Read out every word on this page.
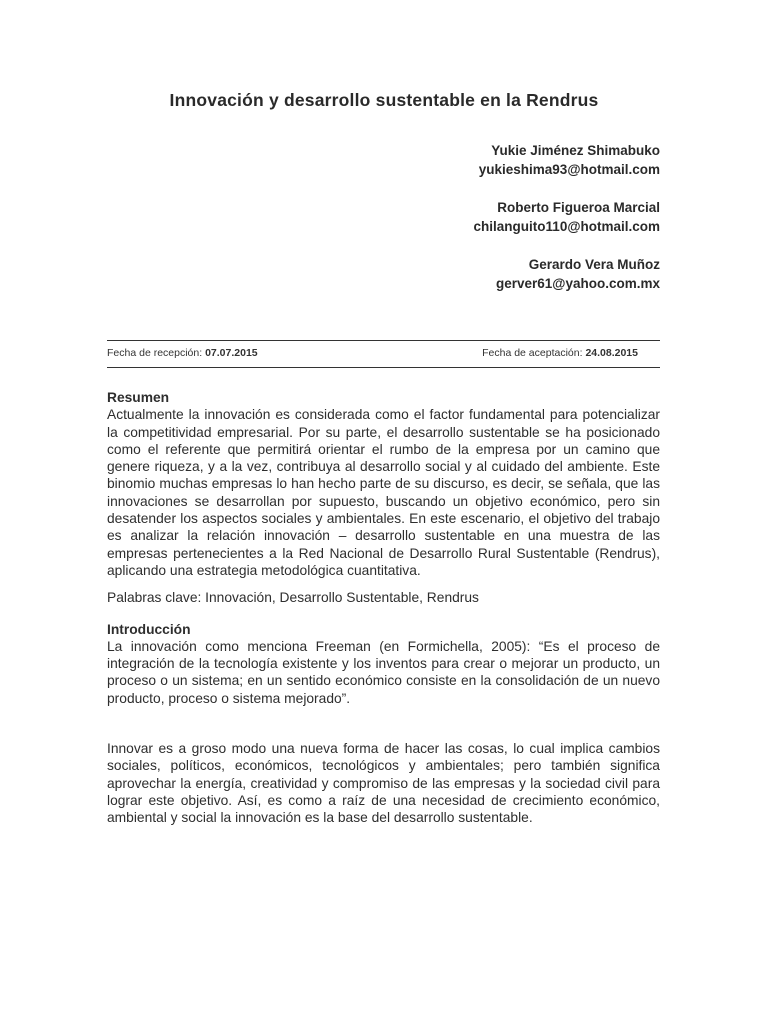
Innovación y desarrollo sustentable en la Rendrus
Yukie Jiménez Shimabuko
yukieshima93@hotmail.com
Roberto Figueroa Marcial
chilanguito110@hotmail.com
Gerardo Vera Muñoz
gerver61@yahoo.com.mx
Fecha de recepción: 07.07.2015	Fecha de aceptación: 24.08.2015
Resumen

Actualmente la innovación es considerada como el factor fundamental para potencializar la competitividad empresarial. Por su parte, el desarrollo sustentable se ha posicionado como el referente que permitirá orientar el rumbo de la empresa por un camino que genere riqueza, y a la vez, contribuya al desarrollo social y al cuidado del ambiente. Este binomio muchas empresas lo han hecho parte de su discurso, es decir, se señala, que las innovaciones se desarrollan por supuesto, buscando un objetivo económico, pero sin desatender los aspectos sociales y ambientales. En este escenario, el objetivo del trabajo es analizar la relación innovación – desarrollo sustentable en una muestra de las empresas pertenecientes a la Red Nacional de Desarrollo Rural Sustentable (Rendrus), aplicando una estrategia metodológica cuantitativa.

Palabras clave: Innovación, Desarrollo Sustentable, Rendrus
Introducción

La innovación como menciona Freeman (en Formichella, 2005): “Es el proceso de integración de la tecnología existente y los inventos para crear o mejorar un producto, un proceso o un sistema; en un sentido económico consiste en la consolidación de un nuevo producto, proceso o sistema mejorado”.

Innovar es a groso modo una nueva forma de hacer las cosas, lo cual implica cambios sociales, políticos, económicos, tecnológicos y ambientales; pero también significa aprovechar la energía, creatividad y compromiso de las empresas y la sociedad civil para lograr este objetivo. Así, es como a raíz de una necesidad de crecimiento económico, ambiental y social la innovación es la base del desarrollo sustentable.
